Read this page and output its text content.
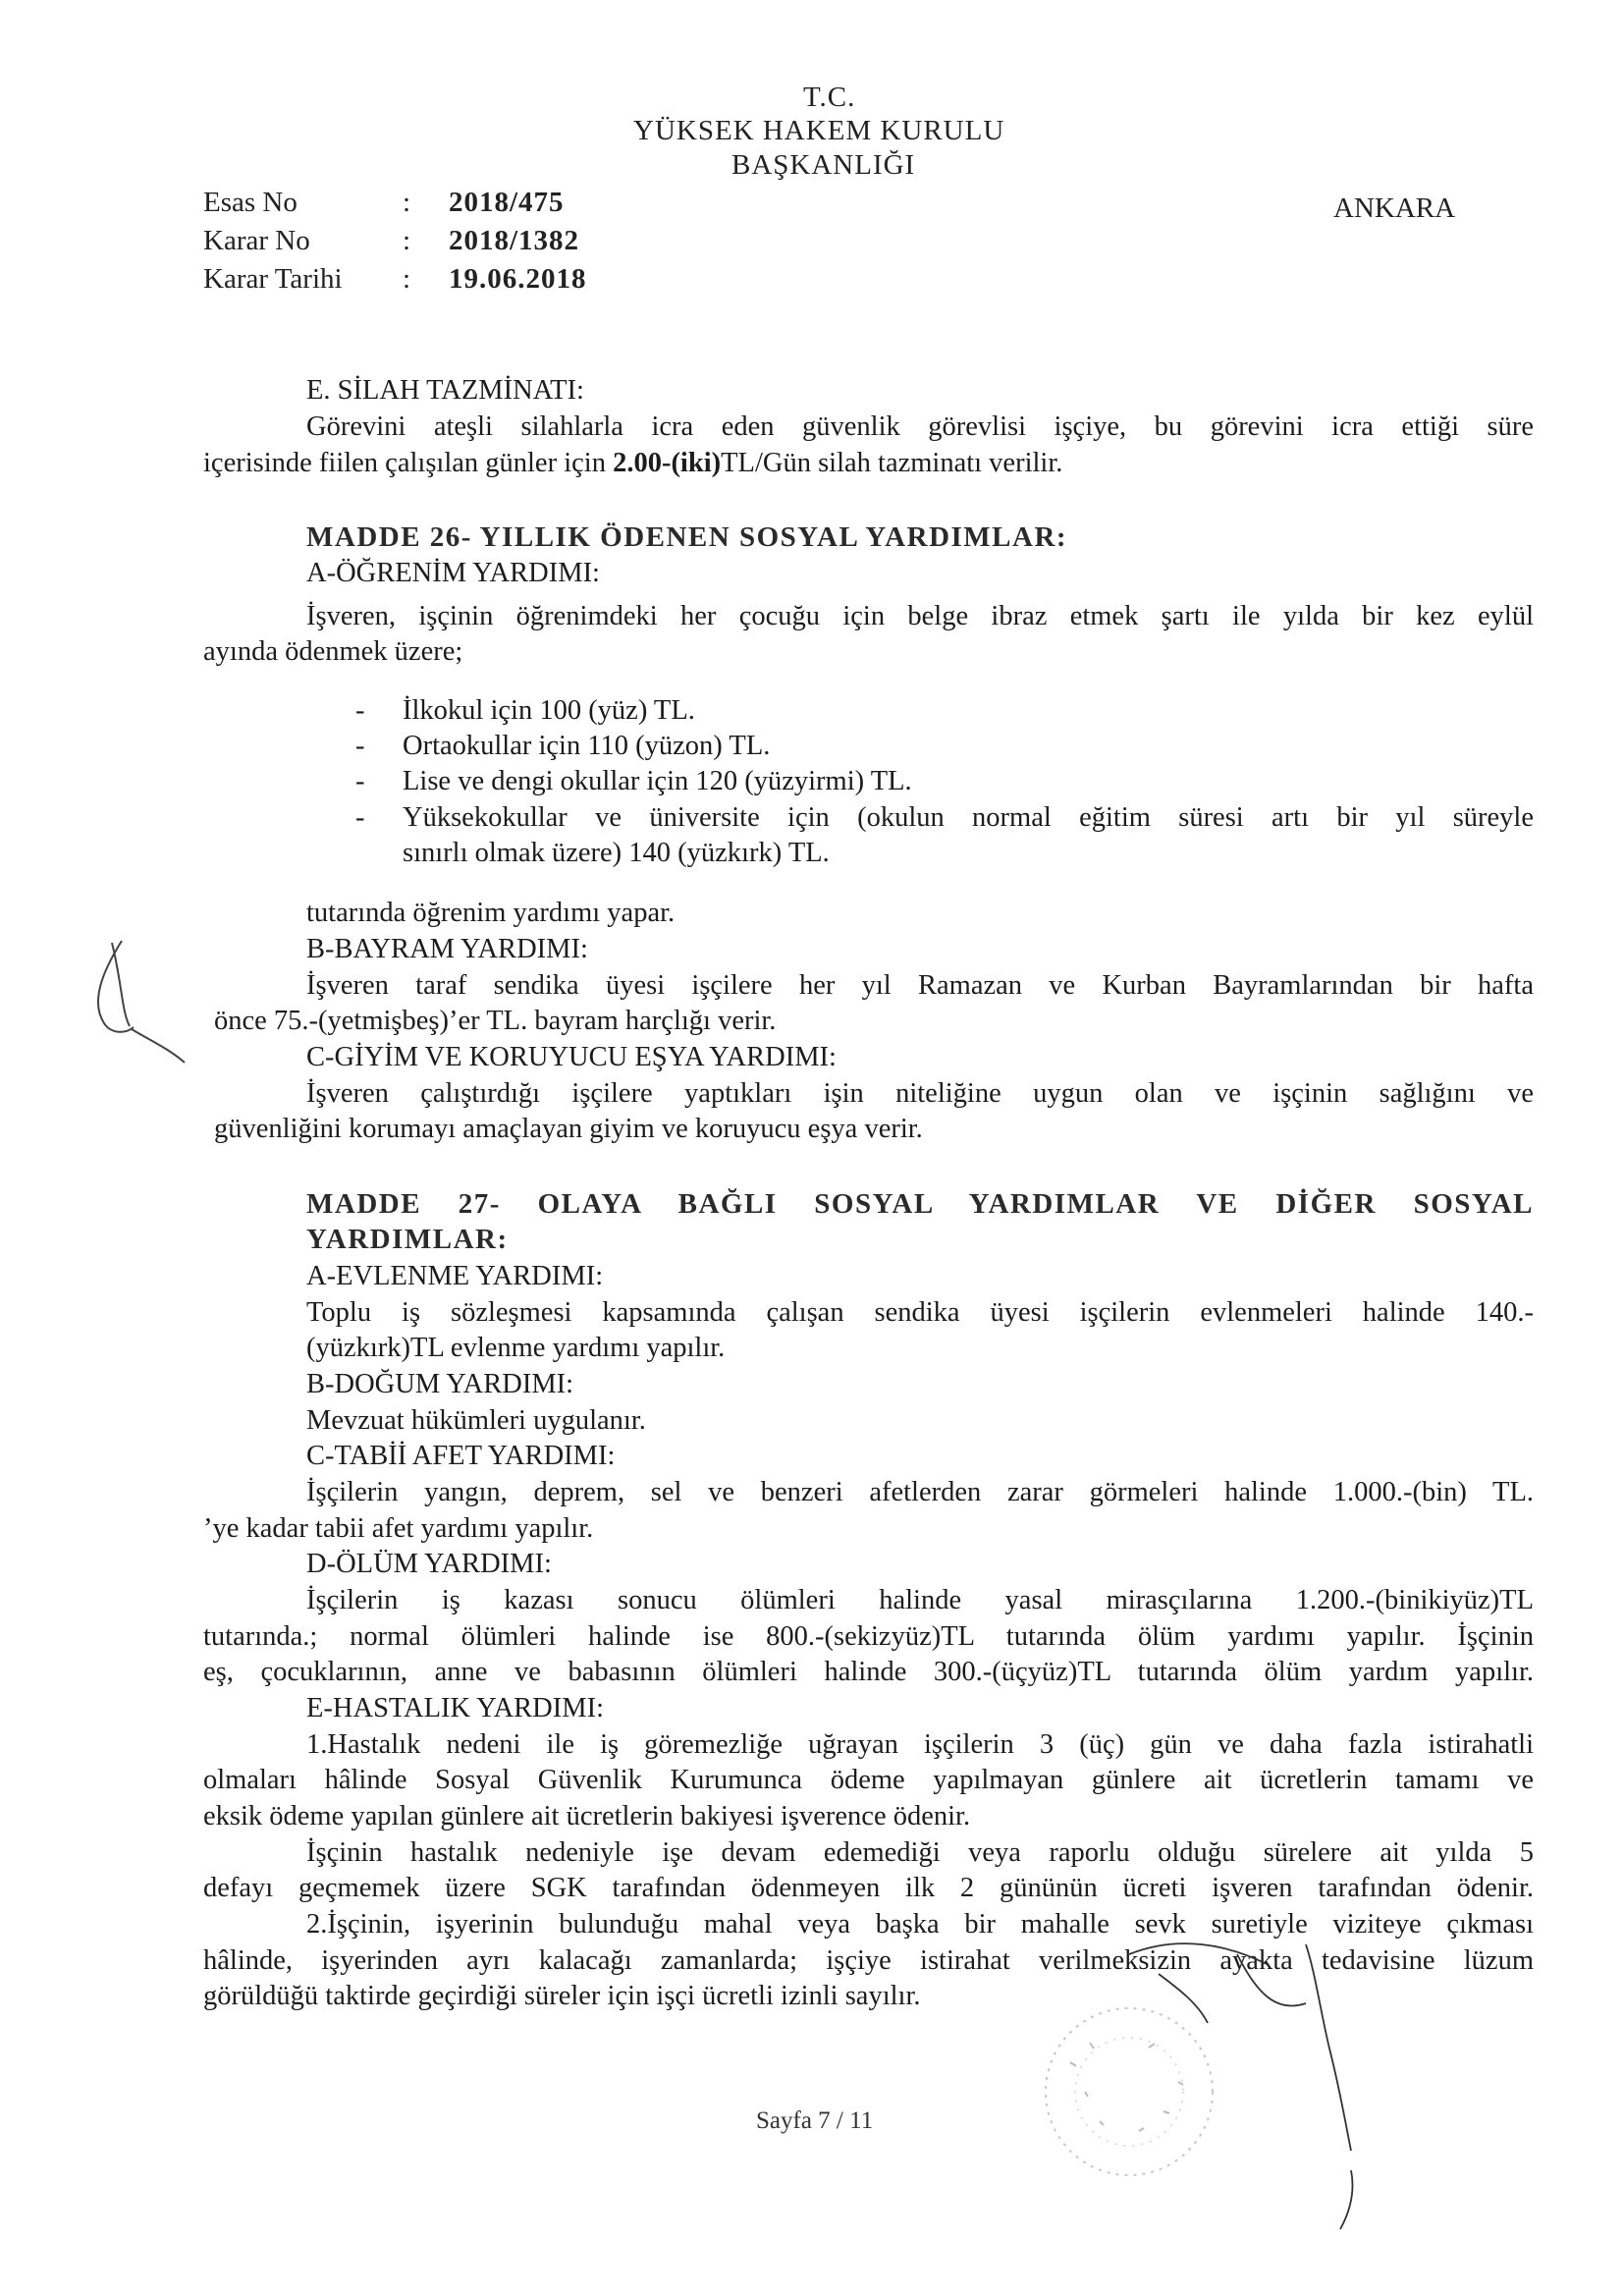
T.C.
YÜKSEK HAKEM KURULU
BAŞKANLIĞI
ANKARA
Esas No	: 2018/475
Karar No	: 2018/1382
Karar Tarihi : 19.06.2018
E. SİLAH TAZMİNATI:
Görevini ateşli silahlarla icra eden güvenlik görevlisi işçiye, bu görevini icra ettiği süre
içerisinde fiilen çalışılan günler için 2.00-(iki)TL/Gün silah tazminatı verilir.
MADDE 26- YILLIK ÖDENEN SOSYAL YARDIMLAR:
A-ÖĞRENİM YARDIMI:
İşveren, işçinin öğrenimdeki her çocuğu için belge ibraz etmek şartı ile yılda bir kez eylül
ayında ödenmek üzere;
- İlkokul için 100 (yüz) TL.
- Ortaokullar için 110 (yüzon) TL.
- Lise ve dengi okullar için 120 (yüzyirmi) TL.
- Yüksekokullar ve üniversite için (okulun normal eğitim süresi artı bir yıl süreyle
sınırlı olmak üzere) 140 (yüzkırk) TL.
tutarında öğrenim yardımı yapar.
B-BAYRAM YARDIMI:
İşveren taraf sendika üyesi işçilere her yıl Ramazan ve Kurban Bayramlarından bir hafta
önce 75.-(yetmişbeş)’er TL. bayram harçlığı verir.
C-GİYİM VE KORUYUCU EŞYA YARDIMI:
İşveren çalıştırdığı işçilere yaptıkları işin niteliğine uygun olan ve işçinin sağlığını ve
güvenliğini korumayı amaçlayan giyim ve koruyucu eşya verir.
MADDE 27- OLAYA BAĞLI SOSYAL YARDIMLAR VE DİĞER SOSYAL
YARDIMLAR:
A-EVLENME YARDIMI:
Toplu iş sözleşmesi kapsamında çalışan sendika üyesi işçilerin evlenmeleri halinde 140.-
(yüzkırk)TL evlenme yardımı yapılır.
B-DOĞUM YARDIMI:
Mevzuat hükümleri uygulanır.
C-TABİİ AFET YARDIMI:
İşçilerin yangın, deprem, sel ve benzeri afetlerden zarar görmeleri halinde 1.000.-(bin) TL.
’ye kadar tabii afet yardımı yapılır.
D-ÖLÜM YARDIMI:
İşçilerin iş kazası sonucu ölümleri halinde yasal mirasçılarına 1.200.-(binikiyüz)TL
tutarında.; normal ölümleri halinde ise 800.-(sekizyüz)TL tutarında ölüm yardımı yapılır. İşçinin
eş, çocuklarının, anne ve babasının ölümleri halinde 300.-(üçyüz)TL tutarında ölüm yardım yapılır.
E-HASTALIK YARDIMI:
1.Hastalık nedeni ile iş göremezliğe uğrayan işçilerin 3 (üç) gün ve daha fazla istirahatli
olmaları hâlinde Sosyal Güvenlik Kurumunca ödeme yapılmayan günlere ait ücretlerin tamamı ve
eksik ödeme yapılan günlere ait ücretlerin bakiyesi işverence ödenir.
İşçinin hastalık nedeniyle işe devam edemediği veya raporlu olduğu sürelere ait yılda 5
defayı geçmemek üzere SGK tarafından ödenmeyen ilk 2 gününün ücreti işveren tarafından ödenir.
2.İşçinin, işyerinin bulunduğu mahal veya başka bir mahalle sevk suretiyle viziteye çıkması
hâlinde, işyerinden ayrı kalacağı zamanlarda; işçiye istirahat verilmeksizin ayakta tedavisine lüzum
görüldüğü taktirde geçirdiği süreler için işçi ücretli izinli sayılır.
Sayfa 7 / 11
